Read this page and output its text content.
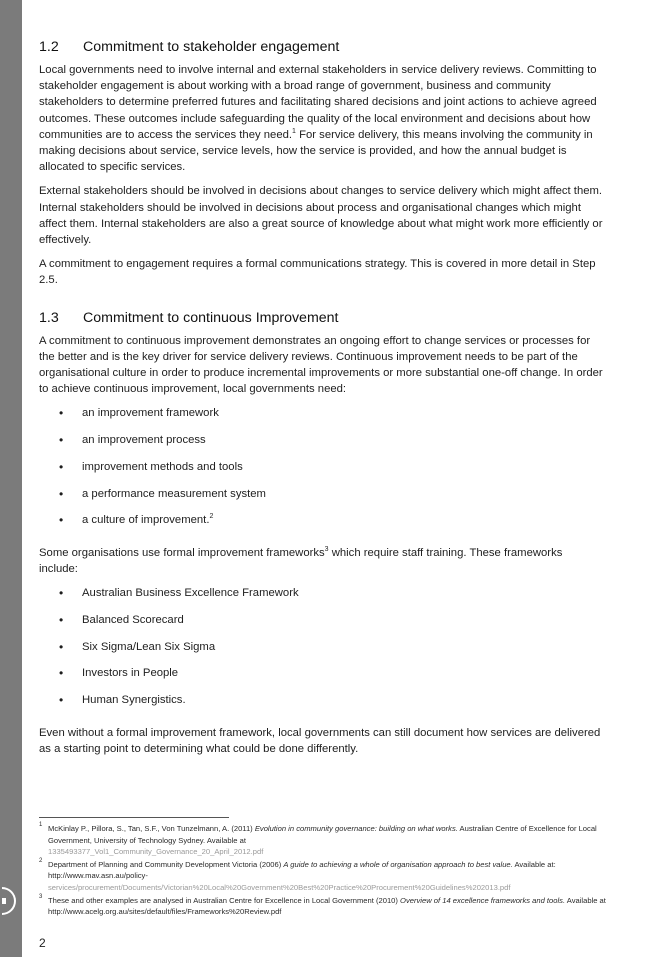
1.2 Commitment to stakeholder engagement

Local governments need to involve internal and external stakeholders in service delivery reviews. Committing to stakeholder engagement is about working with a broad range of government, business and community stakeholders to determine preferred futures and facilitating shared decisions and joint actions to achieve agreed outcomes. These outcomes include safeguarding the quality of the local environment and decisions about how communities are to access the services they need.$^1$ For service delivery, this means involving the community in making decisions about service, service levels, how the service is provided, and how the annual budget is allocated to specific services.

External stakeholders should be involved in decisions about changes to service delivery which might affect them. Internal stakeholders should be involved in decisions about process and organisational changes which might affect them. Internal stakeholders are also a great source of knowledge about what might work more efficiently or effectively.

A commitment to engagement requires a formal communications strategy. This is covered in more detail in Step 2.5.

1.3 Commitment to continuous Improvement

A commitment to continuous improvement demonstrates an ongoing effort to change services or processes for the better and is the key driver for service delivery reviews. Continuous improvement needs to be part of the organisational culture in order to produce incremental improvements or more substantial one-off change. In order to achieve continuous improvement, local governments need:

• an improvement framework
• an improvement process
• improvement methods and tools
• a performance measurement system
• a culture of improvement.$^2$

Some organisations use formal improvement frameworks$^3$ which require staff training. These frameworks include:

• Australian Business Excellence Framework
• Balanced Scorecard
• Six Sigma/Lean Six Sigma
• Investors in People
• Human Synergistics.

Even without a formal improvement framework, local governments can still document how services are delivered as a starting point to determining what could be done differently.

1 McKinlay P., Pillora, S., Tan, S.F., Von Tunzelmann, A. (2011) Evolution in community governance: building on what works. Australian Centre of Excellence for Local Government, University of Technology Sydney. Available at
1335493377_Vol1_Community_Governance_20_April_2012.pdf
2 Department of Planning and Community Development Victoria (2006) A guide to achieving a whole of organisation approach to best value. Available at: http://www.mav.asn.au/policy-
services/procurement/Documents/Victorian%20Local%20Government%20Best%20Practice%20Procurement%20Guidelines%202013.pdf
3 These and other examples are analysed in Australian Centre for Excellence in Local Government (2010) Overview of 14 excellence frameworks and tools. Available at http://www.acelg.org.au/sites/default/files/Frameworks%20Review.pdf
2
